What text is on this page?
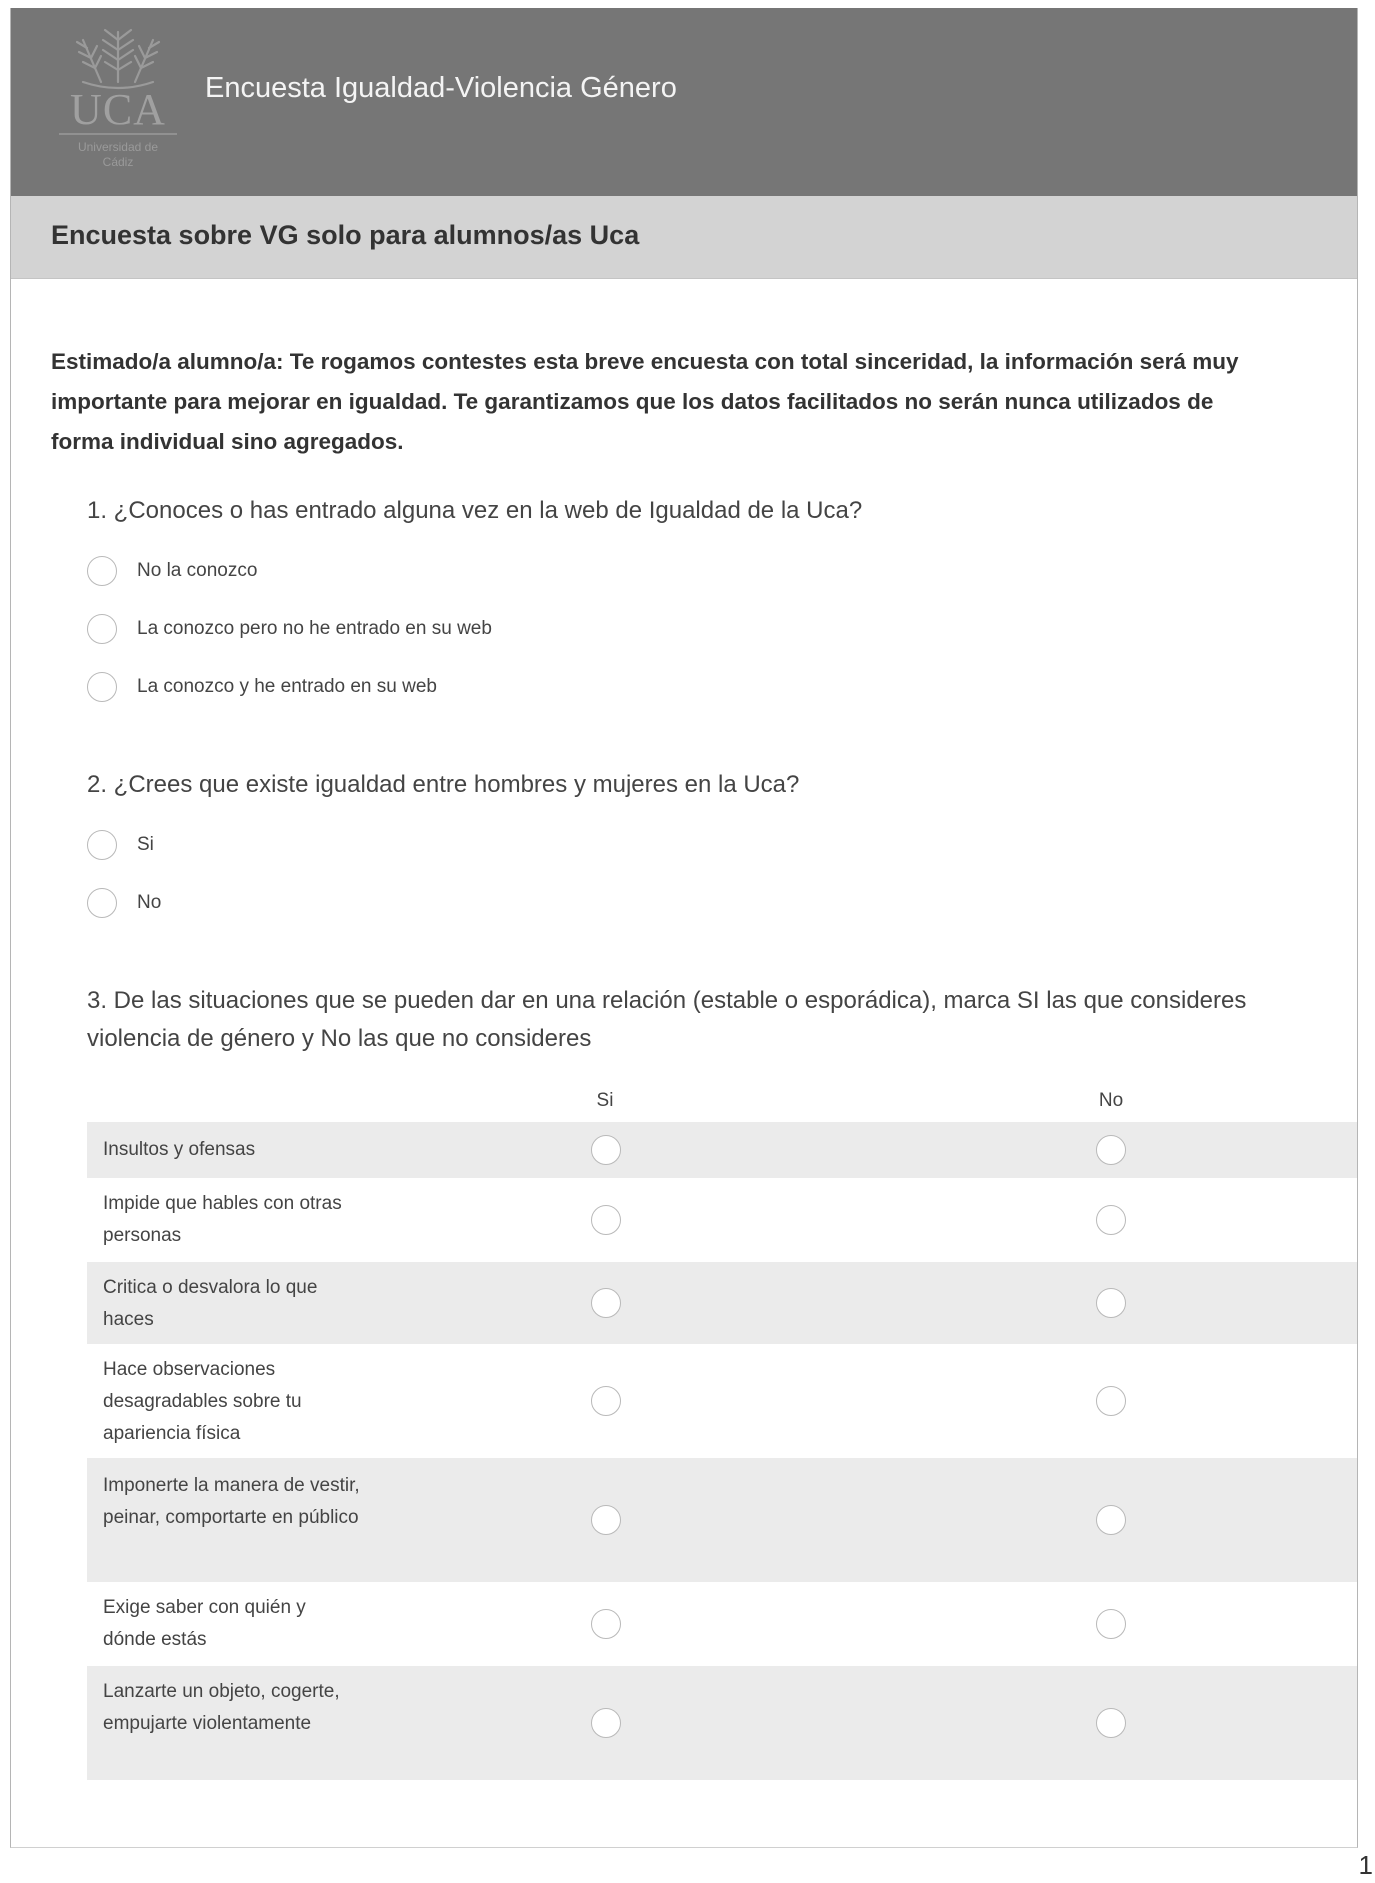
UCA
Universidad de Cádiz
Encuesta Igualdad-Violencia Género
Encuesta sobre VG solo para alumnos/as Uca
Estimado/a alumno/a: Te rogamos contestes esta breve encuesta con total sinceridad, la información será muy importante para mejorar en igualdad. Te garantizamos que los datos facilitados no serán nunca utilizados de forma individual sino agregados.
1. ¿Conoces o has entrado alguna vez en la web de Igualdad de la Uca?
No la conozco
La conozco pero no he entrado en su web
La conozco y he entrado en su web
2. ¿Crees que existe igualdad entre hombres y mujeres en la Uca?
Si
No
3. De las situaciones que se pueden dar en una relación (estable o esporádica), marca SI las que consideres violencia de género y No las que no consideres
Si	No
Insultos y ofensas
Impide que hables con otras personas
Critica o desvalora lo que haces
Hace observaciones desagradables sobre tu apariencia física
Imponerte la manera de vestir, peinar, comportarte en público
Exige saber con quién y dónde estás
Lanzarte un objeto, cogerte, empujarte violentamente
1
